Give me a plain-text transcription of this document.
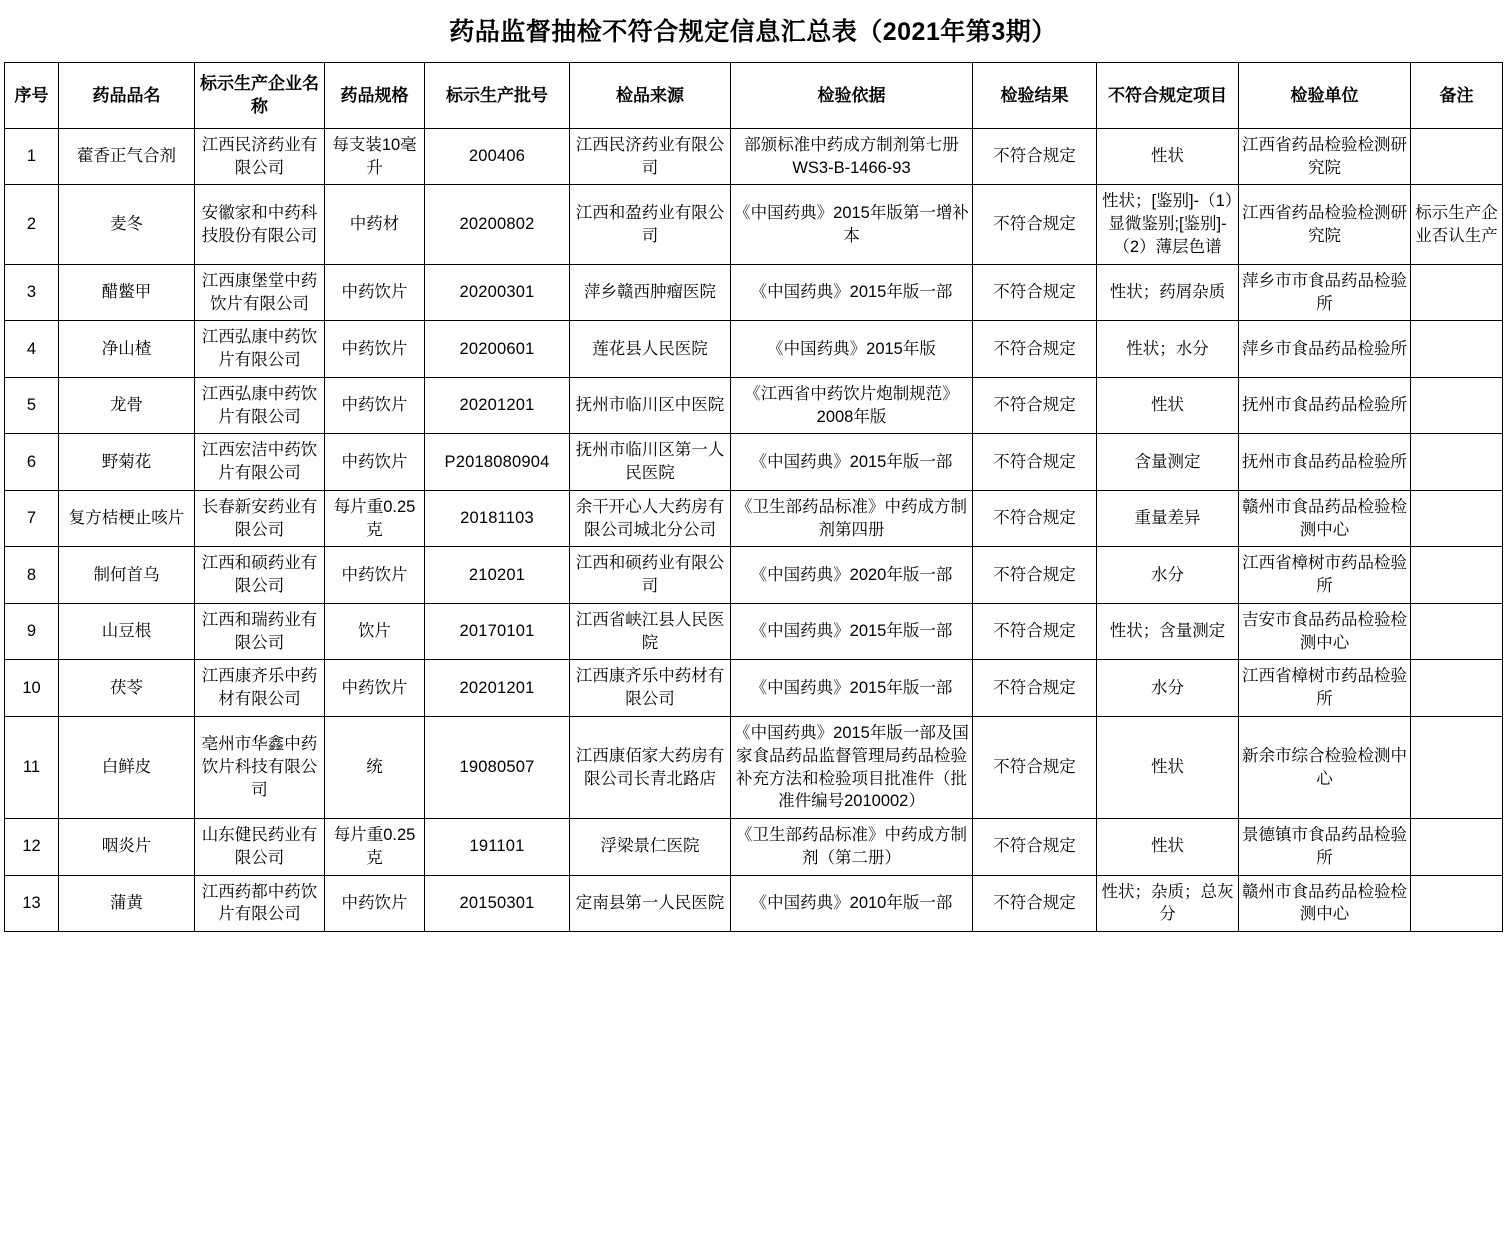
药品监督抽检不符合规定信息汇总表（2021年第3期）
序号	药品品名	标示生产企业名称	药品规格	标示生产批号	检品来源	检验依据	检验结果	不符合规定项目	检验单位	备注
1	藿香正气合剂	江西民济药业有限公司	每支装10毫升	200406	江西民济药业有限公司	部颁标准中药成方制剂第七册WS3-B-1466-93	不符合规定	性状	江西省药品检验检测研究院	
2	麦冬	安徽家和中药科技股份有限公司	中药材	20200802	江西和盈药业有限公司	《中国药典》2015年版第一增补本	不符合规定	性状；[鉴别]-（1）显微鉴别;[鉴别]-（2）薄层色谱	江西省药品检验检测研究院	标示生产企业否认生产
3	醋鳖甲	江西康堡堂中药饮片有限公司	中药饮片	20200301	萍乡赣西肿瘤医院	《中国药典》2015年版一部	不符合规定	性状；药屑杂质	萍乡市市食品药品检验所	
4	净山楂	江西弘康中药饮片有限公司	中药饮片	20200601	莲花县人民医院	《中国药典》2015年版	不符合规定	性状；水分	萍乡市食品药品检验所	
5	龙骨	江西弘康中药饮片有限公司	中药饮片	20201201	抚州市临川区中医院	《江西省中药饮片炮制规范》2008年版	不符合规定	性状	抚州市食品药品检验所	
6	野菊花	江西宏洁中药饮片有限公司	中药饮片	P2018080904	抚州市临川区第一人民医院	《中国药典》2015年版一部	不符合规定	含量测定	抚州市食品药品检验所	
7	复方桔梗止咳片	长春新安药业有限公司	每片重0.25克	20181103	余干开心人大药房有限公司城北分公司	《卫生部药品标准》中药成方制剂第四册	不符合规定	重量差异	赣州市食品药品检验检测中心	
8	制何首乌	江西和硕药业有限公司	中药饮片	210201	江西和硕药业有限公司	《中国药典》2020年版一部	不符合规定	水分	江西省樟树市药品检验所	
9	山豆根	江西和瑞药业有限公司	饮片	20170101	江西省峡江县人民医院	《中国药典》2015年版一部	不符合规定	性状；含量测定	吉安市食品药品检验检测中心	
10	茯苓	江西康齐乐中药材有限公司	中药饮片	20201201	江西康齐乐中药材有限公司	《中国药典》2015年版一部	不符合规定	水分	江西省樟树市药品检验所	
11	白鲜皮	亳州市华鑫中药饮片科技有限公司	统	19080507	江西康佰家大药房有限公司长青北路店	《中国药典》2015年版一部及国家食品药品监督管理局药品检验补充方法和检验项目批准件（批准件编号2010002）	不符合规定	性状	新余市综合检验检测中心	
12	咽炎片	山东健民药业有限公司	每片重0.25克	191101	浮梁景仁医院	《卫生部药品标准》中药成方制剂（第二册）	不符合规定	性状	景德镇市食品药品检验所	
13	蒲黄	江西药都中药饮片有限公司	中药饮片	20150301	定南县第一人民医院	《中国药典》2010年版一部	不符合规定	性状；杂质；总灰分	赣州市食品药品检验检测中心	
